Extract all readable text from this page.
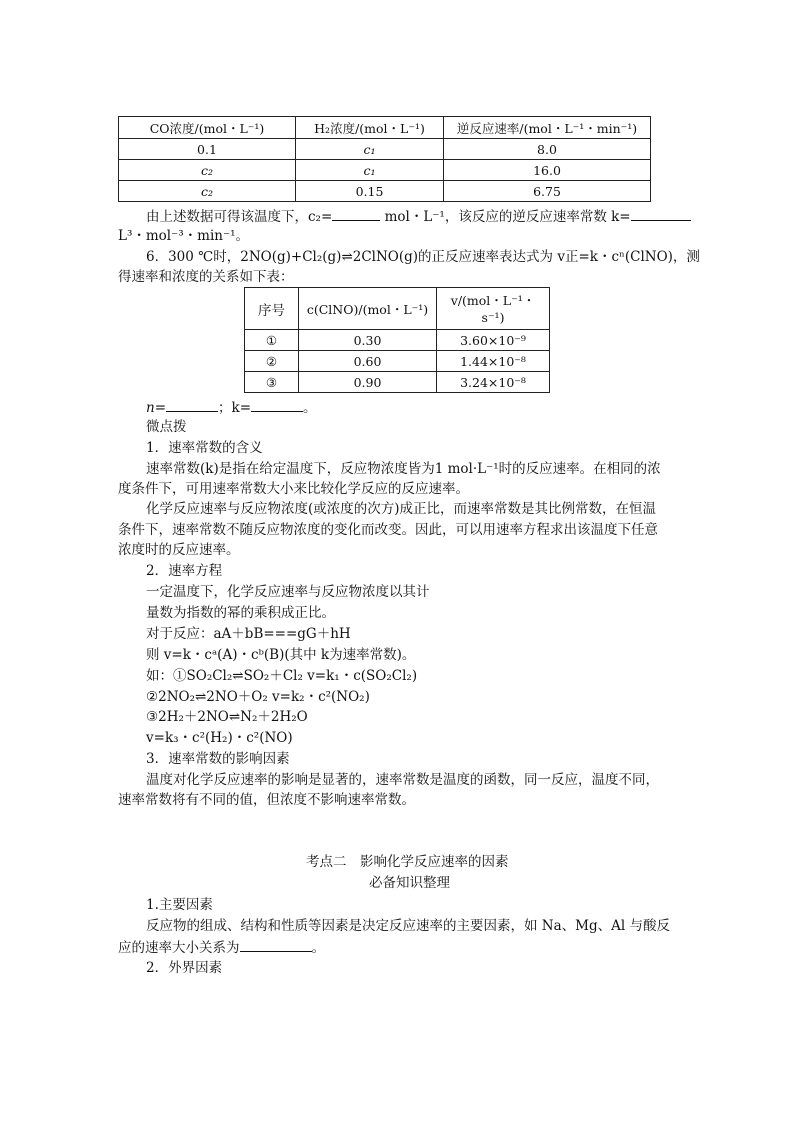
CO浓度/(mol・L⁻¹)	H₂浓度/(mol・L⁻¹)	逆反应速率/(mol・L⁻¹・min⁻¹)
0.1	c₁	8.0
c₂	c₁	16.0
c₂	0.15	6.75
由上述数据可得该温度下，c₂=	mol・L⁻¹，该反应的逆反应速率常数 k=
L³・mol⁻³・min⁻¹。
6．300 ℃时，2NO(g)+Cl₂(g)⇌2ClNO(g)的正反应速率表达式为 v正=k・cⁿ(ClNO)，测
得速率和浓度的关系如下表：
序号	c(ClNO)/(mol・L⁻¹)	v/(mol・L⁻¹・s⁻¹)
①	0.30	3.60×10⁻⁹
②	0.60	1.44×10⁻⁸
③	0.90	3.24×10⁻⁸
n=	；k=	。
微点拨
1．速率常数的含义
速率常数(k)是指在给定温度下，反应物浓度皆为1 mol·L⁻¹时的反应速率。在相同的浓
度条件下，可用速率常数大小来比较化学反应的反应速率。
化学反应速率与反应物浓度(或浓度的次方)成正比，而速率常数是其比例常数，在恒温
条件下，速率常数不随反应物浓度的变化而改变。因此，可以用速率方程求出该温度下任意
浓度时的反应速率。
2．速率方程
一定温度下，化学反应速率与反应物浓度以其计
量数为指数的幂的乘积成正比。
对于反应：aA＋bB===gG＋hH
则 v=k・cᵃ(A)・cᵇ(B)(其中 k为速率常数)。
如：①SO₂Cl₂⇌SO₂＋Cl₂ v=k₁・c(SO₂Cl₂)
②2NO₂⇌2NO＋O₂ v=k₂・c²(NO₂)
③2H₂＋2NO⇌N₂＋2H₂O
v=k₃・c²(H₂)・c²(NO)
3．速率常数的影响因素
温度对化学反应速率的影响是显著的，速率常数是温度的函数，同一反应，温度不同，
速率常数将有不同的值，但浓度不影响速率常数。
考点二　影响化学反应速率的因素
必备知识整理
1.主要因素
反应物的组成、结构和性质等因素是决定反应速率的主要因素，如 Na、Mg、Al 与酸反
应的速率大小关系为	。
2．外界因素
